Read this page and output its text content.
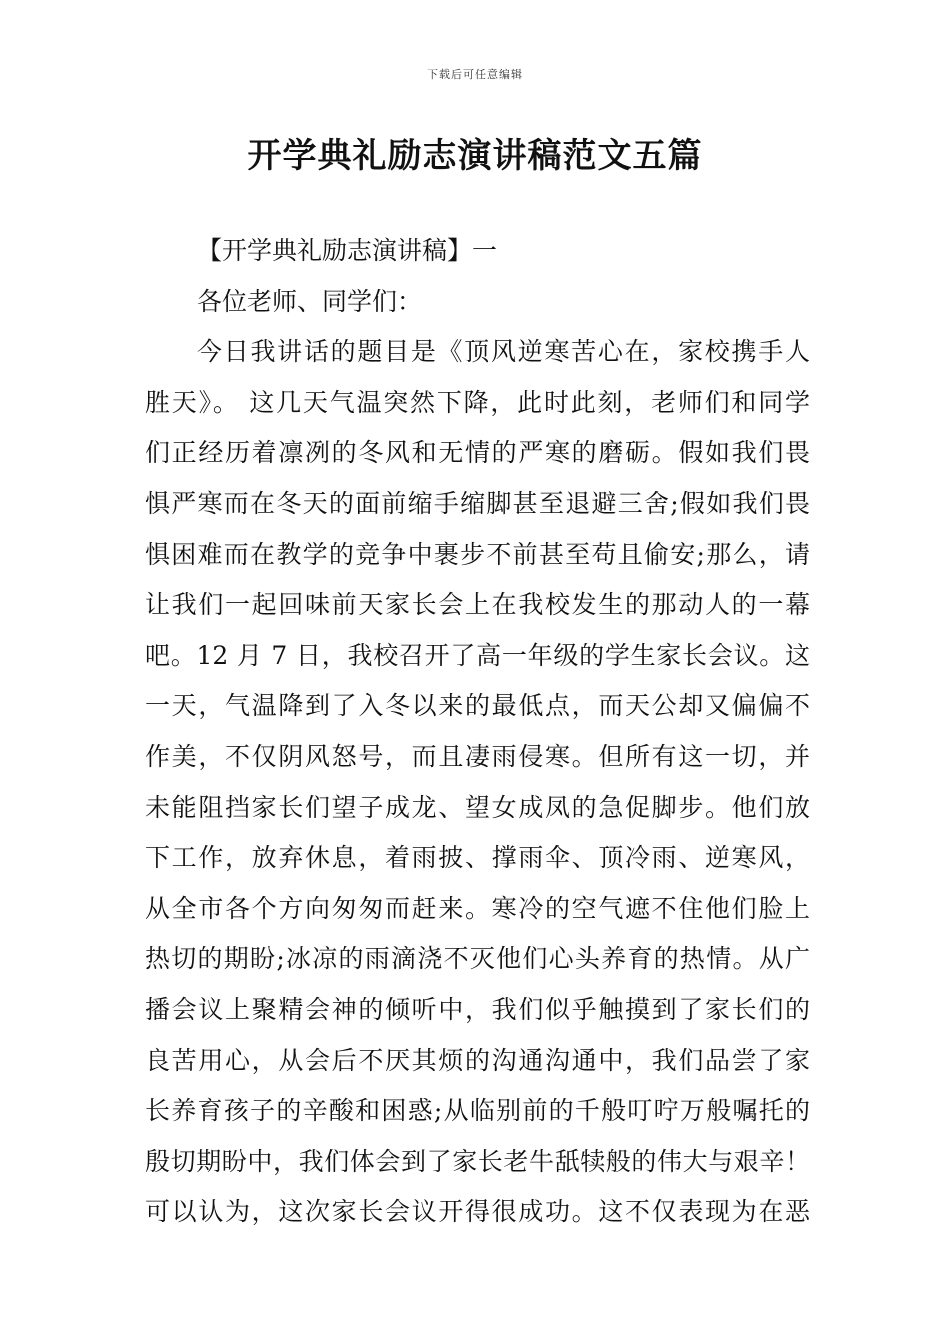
下载后可任意编辑
开学典礼励志演讲稿范文五篇
【开学典礼励志演讲稿】一
各位老师、同学们：
今日我讲话的题目是《顶风逆寒苦心在，家校携手人
胜天》。 这几天气温突然下降，此时此刻，老师们和同学
们正经历着凛冽的冬风和无情的严寒的磨砺。假如我们畏
惧严寒而在冬天的面前缩手缩脚甚至退避三舍;假如我们畏
惧困难而在教学的竞争中裹步不前甚至苟且偷安;那么，请
让我们一起回味前天家长会上在我校发生的那动人的一幕
吧。12 月 7 日，我校召开了高一年级的学生家长会议。这
一天，气温降到了入冬以来的最低点，而天公却又偏偏不
作美，不仅阴风怒号，而且凄雨侵寒。但所有这一切，并
未能阻挡家长们望子成龙、望女成凤的急促脚步。他们放
下工作，放弃休息，着雨披、撑雨伞、顶冷雨、逆寒风，
从全市各个方向匆匆而赶来。寒冷的空气遮不住他们脸上
热切的期盼;冰凉的雨滴浇不灭他们心头养育的热情。从广
播会议上聚精会神的倾听中，我们似乎触摸到了家长们的
良苦用心，从会后不厌其烦的沟通沟通中，我们品尝了家
长养育孩子的辛酸和困惑;从临别前的千般叮咛万般嘱托的
殷切期盼中，我们体会到了家长老牛舐犊般的伟大与艰辛！
可以认为，这次家长会议开得很成功。这不仅表现为在恶
